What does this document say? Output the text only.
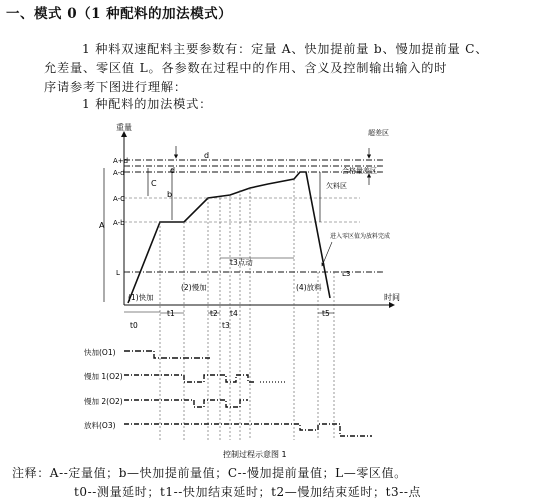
一、模式 0（1 种配料的加法模式）
1 种料双速配料主要参数有：定量 A、快加提前量 b、慢加提前量 C、
允差量、零区值 L。各参数在过程中的作用、含义及控制输出输入的时
序请参考下图进行理解：
1 种配料的加法模式：
重量
时间
A+d
A-d
A-C
A-b
L
A
C
b
d
d
超差区
合格量差区
欠料区
进入零区值为放料完成
L3
(1)快加
(2)慢加	(4)放料
t3点动
t0
t1	t2 t4
t3
t5
快加(O1)
慢加 1(O2)
慢加 2(O2)
放料(O3)
控制过程示意图 1
注释：A--定量值；b—快加提前量值；C--慢加提前量值；L—零区值。
t0--测量延时；t1--快加结束延时；t2—慢加结束延时；t3--点
